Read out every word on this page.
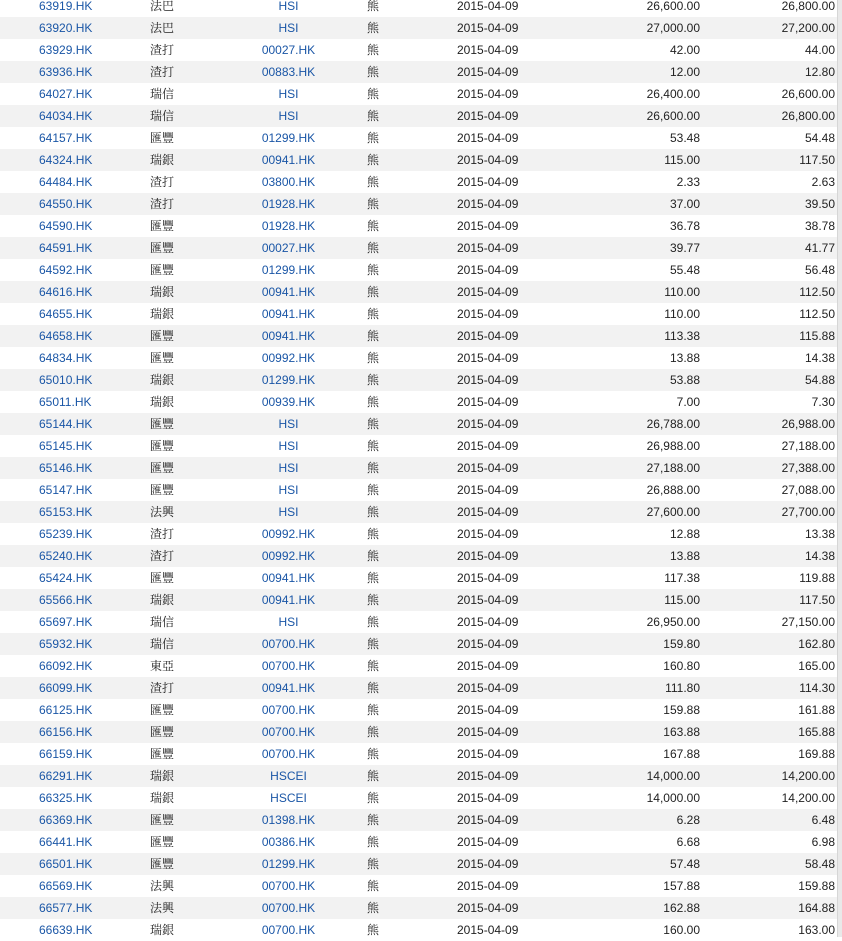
63919.HK	法巴	HSI	熊	2015-04-09	26,600.00	26,800.00
63920.HK	法巴	HSI	熊	2015-04-09	27,000.00	27,200.00
63929.HK	渣打	00027.HK	熊	2015-04-09	42.00	44.00
63936.HK	渣打	00883.HK	熊	2015-04-09	12.00	12.80
64027.HK	瑞信	HSI	熊	2015-04-09	26,400.00	26,600.00
64034.HK	瑞信	HSI	熊	2015-04-09	26,600.00	26,800.00
64157.HK	匯豐	01299.HK	熊	2015-04-09	53.48	54.48
64324.HK	瑞銀	00941.HK	熊	2015-04-09	115.00	117.50
64484.HK	渣打	03800.HK	熊	2015-04-09	2.33	2.63
64550.HK	渣打	01928.HK	熊	2015-04-09	37.00	39.50
64590.HK	匯豐	01928.HK	熊	2015-04-09	36.78	38.78
64591.HK	匯豐	00027.HK	熊	2015-04-09	39.77	41.77
64592.HK	匯豐	01299.HK	熊	2015-04-09	55.48	56.48
64616.HK	瑞銀	00941.HK	熊	2015-04-09	110.00	112.50
64655.HK	瑞銀	00941.HK	熊	2015-04-09	110.00	112.50
64658.HK	匯豐	00941.HK	熊	2015-04-09	113.38	115.88
64834.HK	匯豐	00992.HK	熊	2015-04-09	13.88	14.38
65010.HK	瑞銀	01299.HK	熊	2015-04-09	53.88	54.88
65011.HK	瑞銀	00939.HK	熊	2015-04-09	7.00	7.30
65144.HK	匯豐	HSI	熊	2015-04-09	26,788.00	26,988.00
65145.HK	匯豐	HSI	熊	2015-04-09	26,988.00	27,188.00
65146.HK	匯豐	HSI	熊	2015-04-09	27,188.00	27,388.00
65147.HK	匯豐	HSI	熊	2015-04-09	26,888.00	27,088.00
65153.HK	法興	HSI	熊	2015-04-09	27,600.00	27,700.00
65239.HK	渣打	00992.HK	熊	2015-04-09	12.88	13.38
65240.HK	渣打	00992.HK	熊	2015-04-09	13.88	14.38
65424.HK	匯豐	00941.HK	熊	2015-04-09	117.38	119.88
65566.HK	瑞銀	00941.HK	熊	2015-04-09	115.00	117.50
65697.HK	瑞信	HSI	熊	2015-04-09	26,950.00	27,150.00
65932.HK	瑞信	00700.HK	熊	2015-04-09	159.80	162.80
66092.HK	東亞	00700.HK	熊	2015-04-09	160.80	165.00
66099.HK	渣打	00941.HK	熊	2015-04-09	111.80	114.30
66125.HK	匯豐	00700.HK	熊	2015-04-09	159.88	161.88
66156.HK	匯豐	00700.HK	熊	2015-04-09	163.88	165.88
66159.HK	匯豐	00700.HK	熊	2015-04-09	167.88	169.88
66291.HK	瑞銀	HSCEI	熊	2015-04-09	14,000.00	14,200.00
66325.HK	瑞銀	HSCEI	熊	2015-04-09	14,000.00	14,200.00
66369.HK	匯豐	01398.HK	熊	2015-04-09	6.28	6.48
66441.HK	匯豐	00386.HK	熊	2015-04-09	6.68	6.98
66501.HK	匯豐	01299.HK	熊	2015-04-09	57.48	58.48
66569.HK	法興	00700.HK	熊	2015-04-09	157.88	159.88
66577.HK	法興	00700.HK	熊	2015-04-09	162.88	164.88
66639.HK	瑞銀	00700.HK	熊	2015-04-09	160.00	163.00
